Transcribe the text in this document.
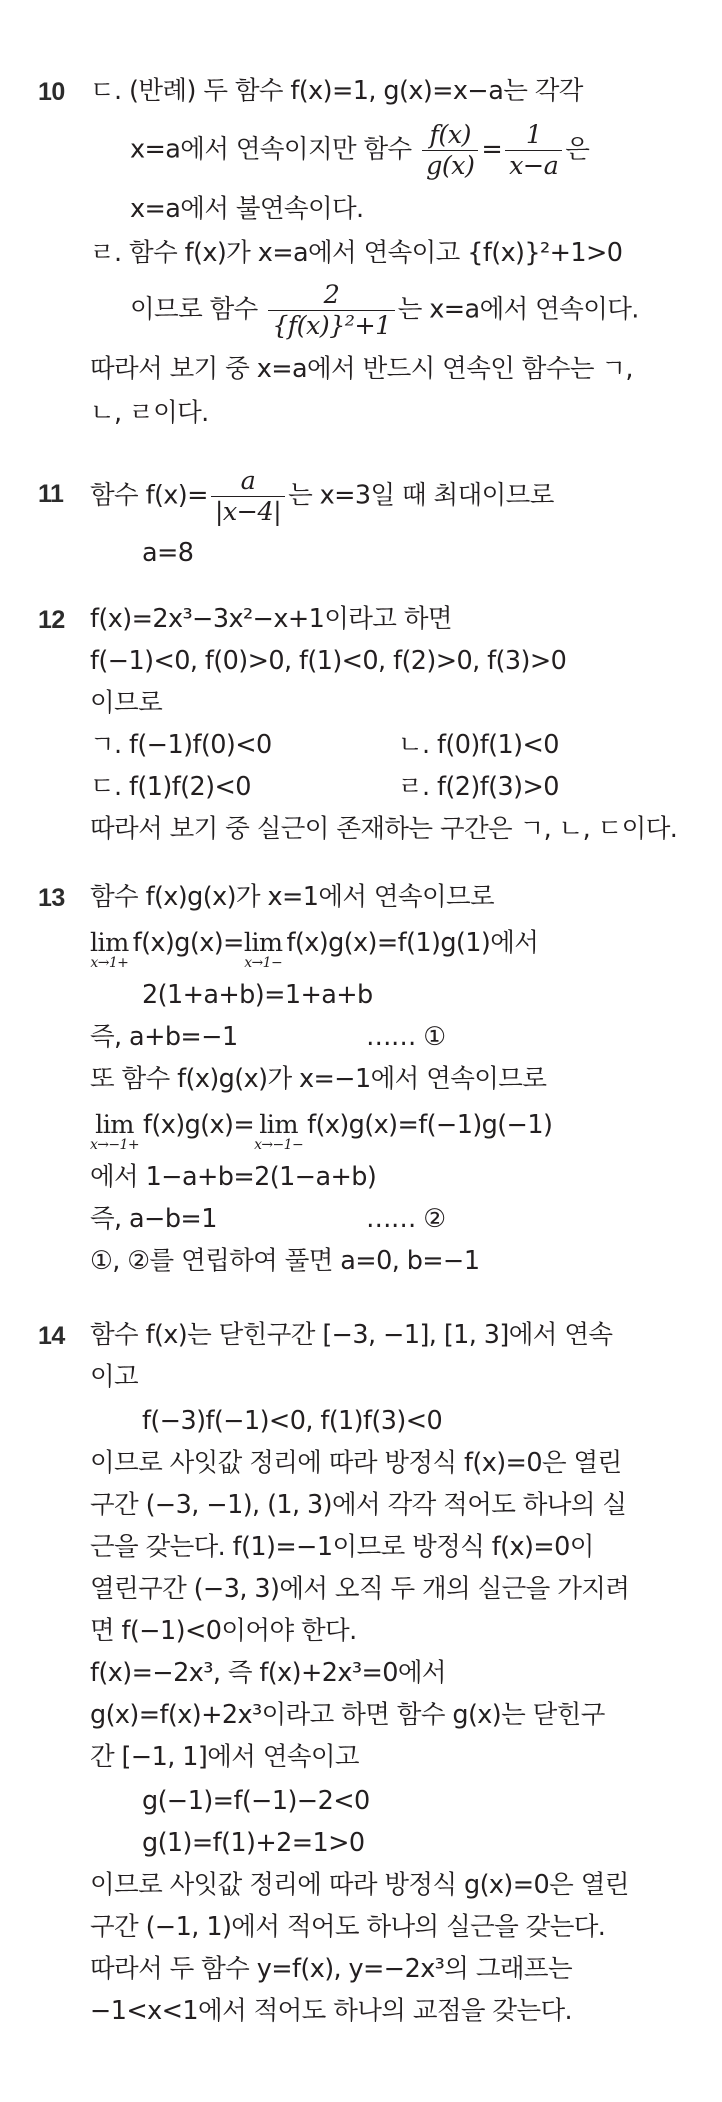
10 ㄷ. (반례) 두 함수 f(x)=1, g(x)=x−a는 각각
x=a에서 연속이지만 함수 $\frac{f(x)}{g(x)} = \frac{1}{x-a}$ 은
x=a에서 불연속이다.
ㄹ. 함수 f(x)가 x=a에서 연속이고 {f(x)}²+1>0
이므로 함수 $\frac{2}{\text{\{f(x)\}²+1}}$ 는 x=a에서 연속이다.
따라서 보기 중 x=a에서 반드시 연속인 함수는 ㄱ,
ㄴ, ㄹ이다.
11 함수 $f(x)= \frac{a}{|x-4|}$ 는 x=3일 때 최대이므로
a=8
12 f(x)=2x³−3x²−x+1이라고 하면
f(−1)<0, f(0)>0, f(1)<0, f(2)>0, f(3)>0
이므로
ㄱ. f(−1)f(0)<0	ㄴ. f(0)f(1)<0
ㄷ. f(1)f(2)<0	ㄹ. f(2)f(3)>0
따라서 보기 중 실근이 존재하는 구간은 ㄱ, ㄴ, ㄷ이다.
13 함수 f(x)g(x)가 x=1에서 연속이므로
lim
x→1+
f(x)g(x)= lim
x→1−
f(x)g(x)=f(1)g(1)에서
2(1+a+b)=1+a+b
즉, a+b=−1	…… ①
또 함수 f(x)g(x)가 x=−1에서 연속이므로
lim
x→−1+
f(x)g(x)= lim
x→−1−
f(x)g(x)=f(−1)g(−1)
에서 1−a+b=2(1−a+b)
즉, a−b=1	…… ②
①, ②를 연립하여 풀면 a=0, b=−1
14 함수 f(x)는 닫힌구간 [−3, −1], [1, 3]에서 연속
이고
f(−3)f(−1)<0, f(1)f(3)<0
이므로 사잇값 정리에 따라 방정식 f(x)=0은 열린
구간 (−3, −1), (1, 3)에서 각각 적어도 하나의 실
근을 갖는다. f(1)=−1이므로 방정식 f(x)=0이
열린구간 (−3, 3)에서 오직 두 개의 실근을 가지려
면 f(−1)<0이어야 한다.
f(x)=−2x³, 즉 f(x)+2x³=0에서
g(x)=f(x)+2x³이라고 하면 함수 g(x)는 닫힌구
간 [−1, 1]에서 연속이고
g(−1)=f(−1)−2<0
g(1)=f(1)+2=1>0
이므로 사잇값 정리에 따라 방정식 g(x)=0은 열린
구간 (−1, 1)에서 적어도 하나의 실근을 갖는다.
따라서 두 함수 y=f(x), y=−2x³의 그래프는
−1<x<1에서 적어도 하나의 교점을 갖는다.
